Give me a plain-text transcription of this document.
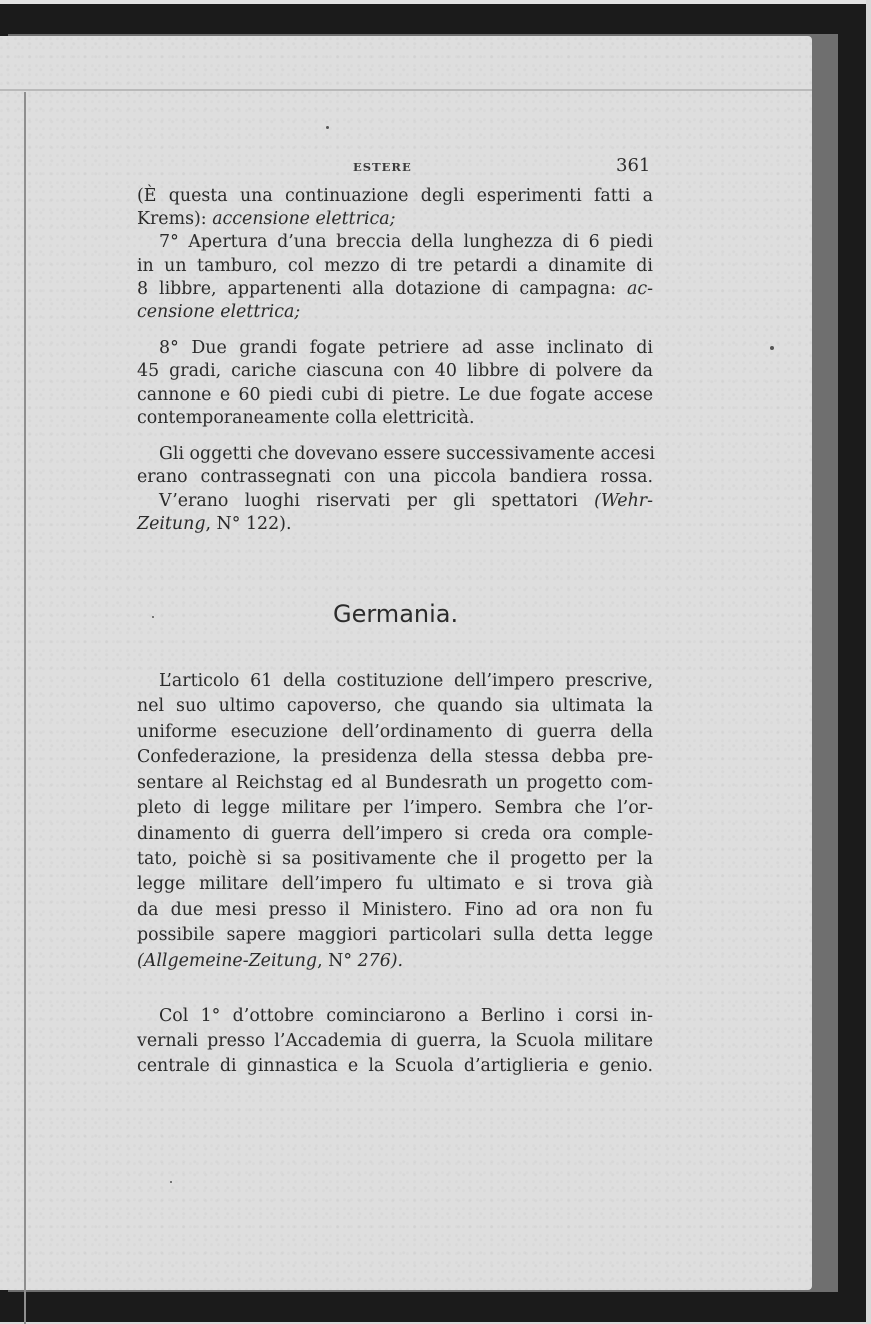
ESTERE	361
(È questa una continuazione degli esperimenti fatti a
Krems): accensione elettrica;
7° Apertura d’una breccia della lunghezza di 6 piedi
in un tamburo, col mezzo di tre petardi a dinamite di
8 libbre, appartenenti alla dotazione di campagna: ac-
censione elettrica;
8° Due grandi fogate petriere ad asse inclinato di
45 gradi, cariche ciascuna con 40 libbre di polvere da
cannone e 60 piedi cubi di pietre. Le due fogate accese
contemporaneamente colla elettricità.
Gli oggetti che dovevano essere successivamente accesi
erano contrassegnati con una piccola bandiera rossa.
V’erano luoghi riservati per gli spettatori (Wehr-
Zeitung, N° 122).
Germania.
L’articolo 61 della costituzione dell’impero prescrive,
nel suo ultimo capoverso, che quando sia ultimata la
uniforme esecuzione dell’ordinamento di guerra della
Confederazione, la presidenza della stessa debba pre-
sentare al Reichstag ed al Bundesrath un progetto com-
pleto di legge militare per l’impero. Sembra che l’or-
dinamento di guerra dell’impero si creda ora comple-
tato, poichè si sa positivamente che il progetto per la
legge militare dell’impero fu ultimato e si trova già
da due mesi presso il Ministero. Fino ad ora non fu
possibile sapere maggiori particolari sulla detta legge
(Allgemeine-Zeitung, N° 276).
Col 1° d’ottobre cominciarono a Berlino i corsi in-
vernali presso l’Accademia di guerra, la Scuola militare
centrale di ginnastica e la Scuola d’artiglieria e genio.
